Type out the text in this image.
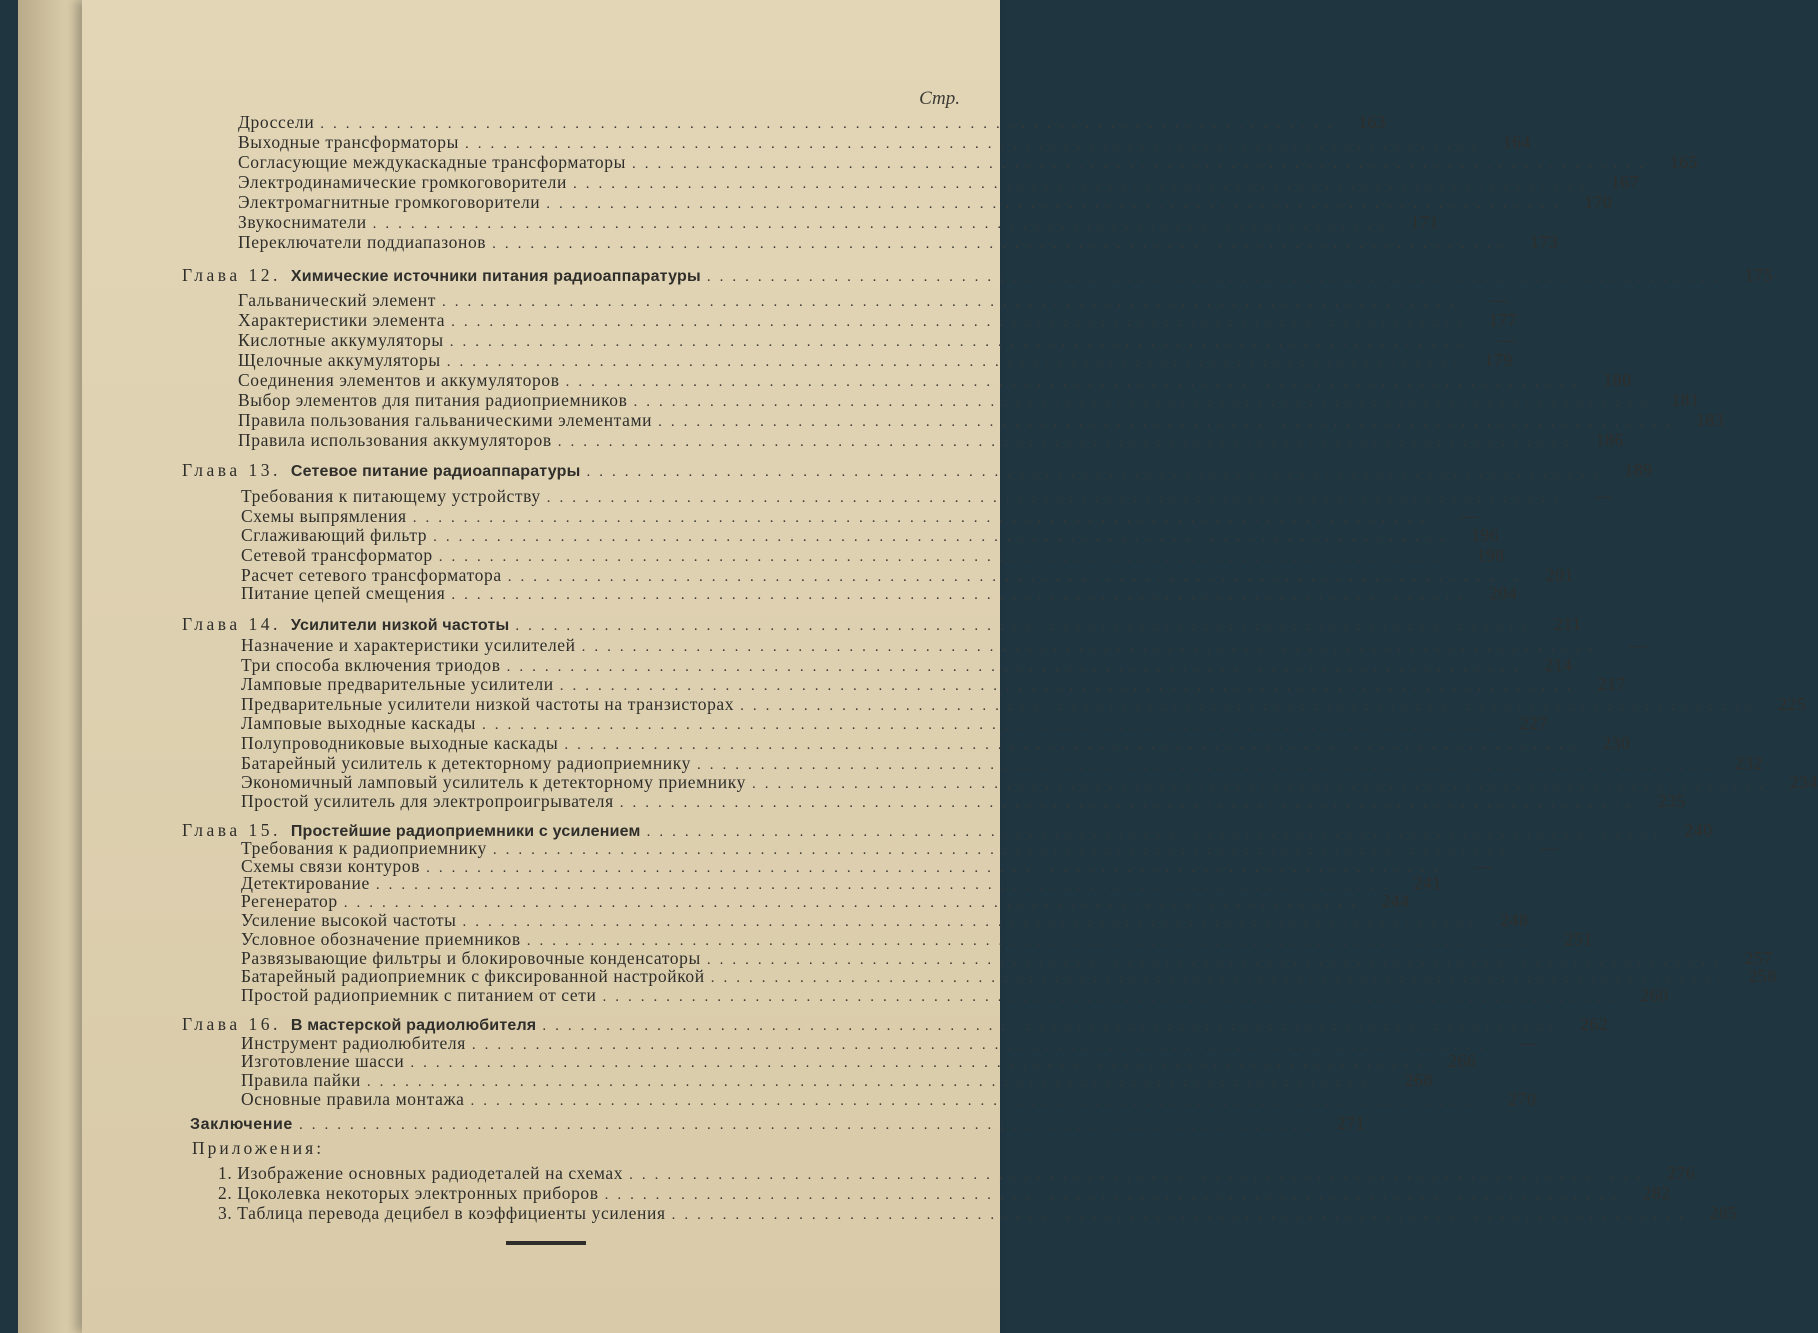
Стр.
Дроссели ................................................................................	163
Выходные трансформаторы ................................................................................	164
Согласующие междукаскадные трансформаторы ................................................................................	165
Электродинамические громкоговорители ................................................................................	167
Электромагнитные громкоговорители ................................................................................	170
Звукосниматели ................................................................................	171
Переключатели поддиапазонов ................................................................................	173
Глава 12. Химические источники питания радиоаппаратуры ................................................................................	175
Гальванический элемент ................................................................................	—
Характеристики элемента ................................................................................	177
Кислотные аккумуляторы ................................................................................	—
Щелочные аккумуляторы ................................................................................	179
Соединения элементов и аккумуляторов ................................................................................	180
Выбор элементов для питания радиоприемников ................................................................................	181
Правила пользования гальваническими элементами ................................................................................	183
Правила использования аккумуляторов ................................................................................	186
Глава 13. Сетевое питание радиоаппаратуры ................................................................................	189
Требования к питающему устройству ................................................................................	—
Схемы выпрямления ................................................................................	—
Сглаживающий фильтр ................................................................................	196
Сетевой трансформатор ................................................................................	198
Расчет сетевого трансформатора ................................................................................	201
Питание цепей смещения ................................................................................	204
Глава 14. Усилители низкой частоты ................................................................................	211
Назначение и характеристики усилителей ................................................................................	—
Три способа включения триодов ................................................................................	214
Ламповые предварительные усилители ................................................................................	217
Предварительные усилители низкой частоты на транзисторах ................................................................................	225
Ламповые выходные каскады ................................................................................	227
Полупроводниковые выходные каскады ................................................................................	230
Батарейный усилитель к детекторному радиоприемнику ................................................................................	232
Экономичный ламповый усилитель к детекторному приемнику ................................................................................	234
Простой усилитель для электропроигрывателя ................................................................................	235
Глава 15. Простейшие радиоприемники с усилением ................................................................................	240
Требования к радиоприемнику ................................................................................	—
Схемы связи контуров ................................................................................	—
Детектирование ................................................................................	241
Регенератор ................................................................................	244
Усиление высокой частоты ................................................................................	248
Условное обозначение приемников ................................................................................	251
Развязывающие фильтры и блокировочные конденсаторы ................................................................................	257
Батарейный радиоприемник с фиксированной настройкой ................................................................................	258
Простой радиоприемник с питанием от сети ................................................................................	260
Глава 16. В мастерской радиолюбителя ................................................................................	262
Инструмент радиолюбителя ................................................................................	—
Изготовление шасси ................................................................................	266
Правила пайки ................................................................................	268
Основные правила монтажа ................................................................................	270
Заключение ................................................................................	271
Приложения:
1. Изображение основных радиодеталей на схемах ................................................................................	276
2. Цоколевка некоторых электронных приборов ................................................................................	282
3. Таблица перевода децибел в коэффициенты усиления ................................................................................	285
